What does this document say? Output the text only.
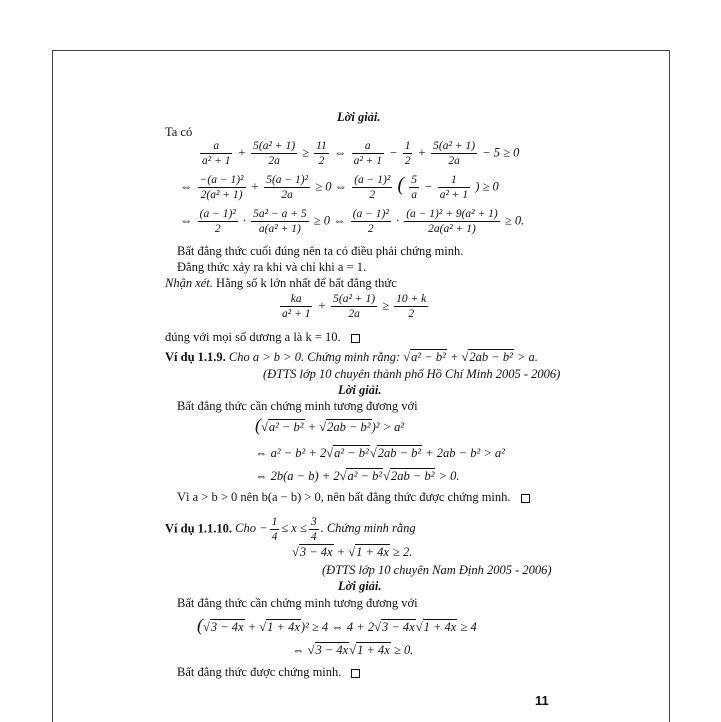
Lời giải.
Ta có
$\frac{a}{\text{a² + 1}} + \frac{\text{5(a² + 1)}}{2a} \ge \frac{11}{2}$ ⇔ $\frac{a}{\text{a² + 1}} - \frac{1}{2} + \frac{\text{5(a² + 1)}}{2a} - 5 \ge 0$
⇔ $\frac{\text{−(a − 1)²}}{\text{2(a² + 1)}} + \frac{\text{5(a − 1)²}}{2a} \ge 0$ ⇔ $\frac{\text{(a − 1)²}}{2}$ ( $\frac{5}{a} - \frac{1}{\text{a² + 1}}$ ) ≥ 0
⇔ $\frac{\text{(a − 1)²}}{2} \cdot \frac{\text{5a² − a + 5}}{\text{a(a² + 1)}} \ge 0$ ⇔ $\frac{\text{(a − 1)²}}{2} \cdot \frac{\text{(a − 1)² + 9(a² + 1)}}{\text{2a(a² + 1)}} \ge 0$.
Bất đẳng thức cuối đúng nên ta có điều phải chứng minh.
Đẳng thức xảy ra khi và chỉ khi a = 1.
Nhận xét. Hằng số k lớn nhất để bất đẳng thức
$\frac{ka}{\text{a² + 1}} + \frac{\text{5(a² + 1)}}{2a} \ge \frac{10 + k}{2}$
đúng với mọi số dương a là k = 10.
Ví dụ 1.1.9. Cho a > b > 0. Chứng minh rằng: √a² − b² + √2ab − b² > a.
(ĐTTS lớp 10 chuyên thành phố Hồ Chí Minh 2005 - 2006)
Lời giải.
Bất đẳng thức cần chứng minh tương đương với
(√a² − b² + √2ab − b²)² > a²
⇔ a² − b² + 2√a² − b²√2ab − b² + 2ab − b² > a²
⇔ 2b(a − b) + 2√a² − b²√2ab − b² > 0.
Vì a > b > 0 nên b(a − b) > 0, nên bất đẳng thức được chứng minh.
Ví dụ 1.1.10. Cho − $\frac{1}{4} \le x \le \frac{3}{4}$ . Chứng minh rằng
√3 − 4x + √1 + 4x ≥ 2.
(ĐTTS lớp 10 chuyên Nam Định 2005 - 2006)
Lời giải.
Bất đẳng thức cần chứng minh tương đương với
(√3 − 4x + √1 + 4x)² ≥ 4 ⇔ 4 + 2√3 − 4x√1 + 4x ≥ 4
⇔ √3 − 4x√1 + 4x ≥ 0.
Bất đẳng thức được chứng minh.
11
